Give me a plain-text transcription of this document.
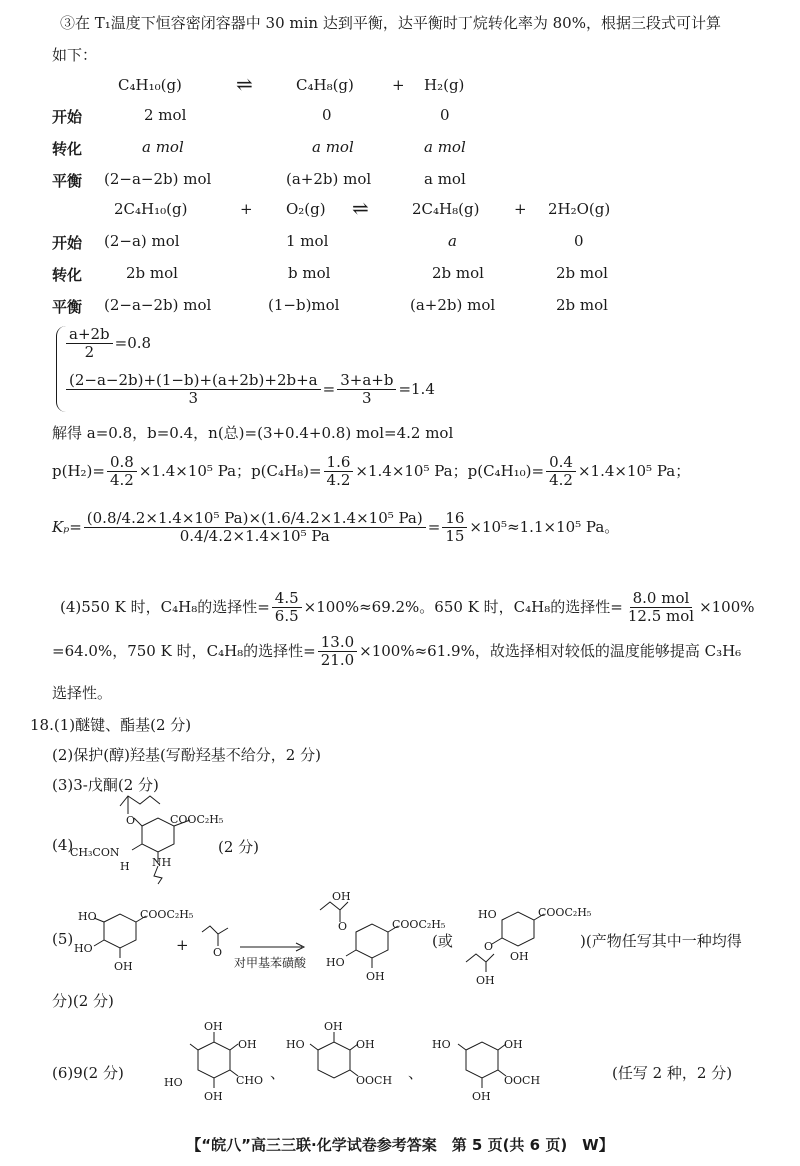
③在 T₁温度下恒容密闭容器中 30 min 达到平衡，达平衡时丁烷转化率为 80%，根据三段式可计算
如下：
C₄H₁₀(g)	⇌	C₄H₈(g)	+ H₂(g)
开始	2 mol	0	0
转化	a mol	a mol	a mol
平衡 (2−a−2b) mol	(a+2b) mol	a mol
2C₄H₁₀(g)	+ O₂(g) ⇌	2C₄H₈(g) + 2H₂O(g)
开始 (2−a) mol	1 mol	a	0
转化	2b mol	b mol	2b mol	2b mol
平衡 (2−a−2b) mol	(1−b)mol	(a+2b) mol	2b mol
$\frac{a+2b}{2} =0.8$
$\frac{(2-a-2b)+(1-b)+(a+2b)+2b+a}{3} = \frac{3+a+b}{3} =1.4$
解得 a=0.8，b=0.4，n(总)=(3+0.4+0.8) mol=4.2 mol
$p(H_2)= \frac{0.8}{4.2} \times 1.4\times 10^5$ Pa；$p(C_4H_8)= \frac{1.6}{4.2} \times 1.4\times 10^5$ Pa；$p(C_4H_{10})= \frac{0.4}{4.2} \times 1.4\times 10^5$ Pa；
$K_p= \frac{\text{(0.8/4.2×1.4×10⁵ Pa)×(1.6/4.2×1.4×10⁵ Pa)}}{\text{0.4/4.2×1.4×10⁵ Pa}} = \frac{16}{15} \times 10^5\approx 1.1\times 10^5$ Pa。
(4)550 K 时，C₄H₈的选择性= $\frac{4.5}{6.5} \times 100\%\approx 69.2\%$。650 K 时，C₄H₈的选择性= $\frac{\text{8.0 mol}}{\text{12.5 mol}} \times 100\%$
=64.0%，750 K 时，C₄H₈的选择性= $\frac{13.0}{21.0} \times 100\%\approx 61.9\%$，故选择相对较低的温度能够提高 C₃H₆
选择性。
18.(1)醚键、酯基(2 分)
(2)保护(醇)羟基(写酚羟基不给分，2 分)
(3)3-戊酮(2 分)
(4)
O	COOC₂H₅
CH₃CON
H NH
(2 分)
(5)
COOC₂H₅
HO
HO
OH
+ O
对甲基苯磺酸
OH
O	COOC₂H₅
HO
OH
(或
HO	COOC₂H₅
O
OH
OH
)(产物任写其中一种均得
分)(2 分)
(6)9(2 分)
OH
OH
HO	CHO
OH
、
OH
HO	OH
OOCH 、
HO	OH
OOCH
OH
(任写 2 种，2 分)
【“皖八”高三三联·化学试卷参考答案　第 5 页(共 6 页)　W】
